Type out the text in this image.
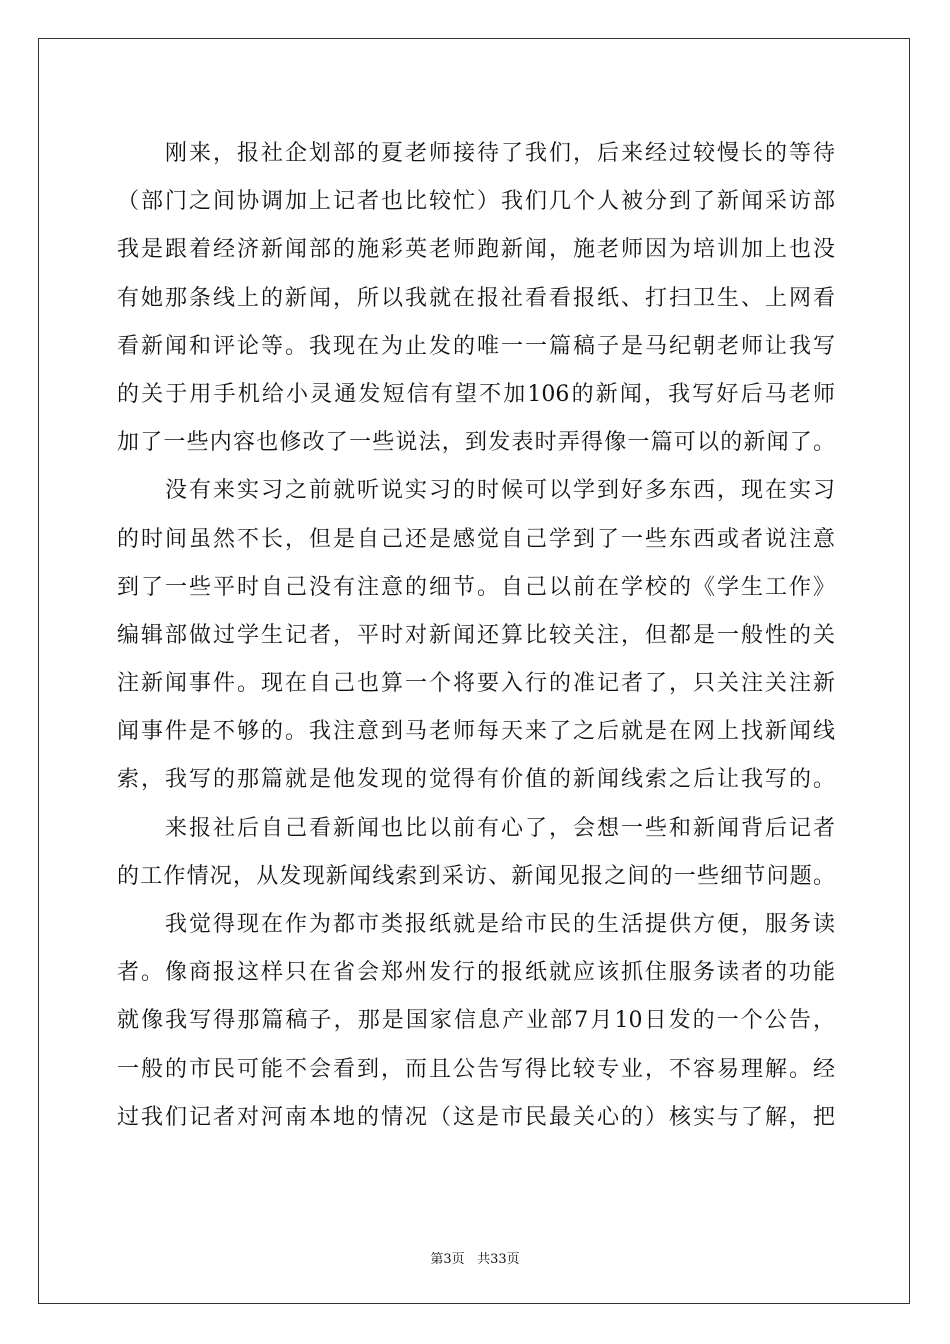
刚来，报社企划部的夏老师接待了我们，后来经过较慢长的等待
（部门之间协调加上记者也比较忙）我们几个人被分到了新闻采访部
我是跟着经济新闻部的施彩英老师跑新闻，施老师因为培训加上也没
有她那条线上的新闻，所以我就在报社看看报纸、打扫卫生、上网看
看新闻和评论等。我现在为止发的唯一一篇稿子是马纪朝老师让我写
的关于用手机给小灵通发短信有望不加106的新闻，我写好后马老师
加了一些内容也修改了一些说法，到发表时弄得像一篇可以的新闻了。
没有来实习之前就听说实习的时候可以学到好多东西，现在实习
的时间虽然不长，但是自己还是感觉自己学到了一些东西或者说注意
到了一些平时自己没有注意的细节。自己以前在学校的《学生工作》
编辑部做过学生记者，平时对新闻还算比较关注，但都是一般性的关
注新闻事件。现在自己也算一个将要入行的准记者了，只关注关注新
闻事件是不够的。我注意到马老师每天来了之后就是在网上找新闻线
索，我写的那篇就是他发现的觉得有价值的新闻线索之后让我写的。
来报社后自己看新闻也比以前有心了，会想一些和新闻背后记者
的工作情况，从发现新闻线索到采访、新闻见报之间的一些细节问题。
我觉得现在作为都市类报纸就是给市民的生活提供方便，服务读
者。像商报这样只在省会郑州发行的报纸就应该抓住服务读者的功能
就像我写得那篇稿子，那是国家信息产业部7月10日发的一个公告，
一般的市民可能不会看到，而且公告写得比较专业，不容易理解。经
过我们记者对河南本地的情况（这是市民最关心的）核实与了解，把
第3页 共33页
